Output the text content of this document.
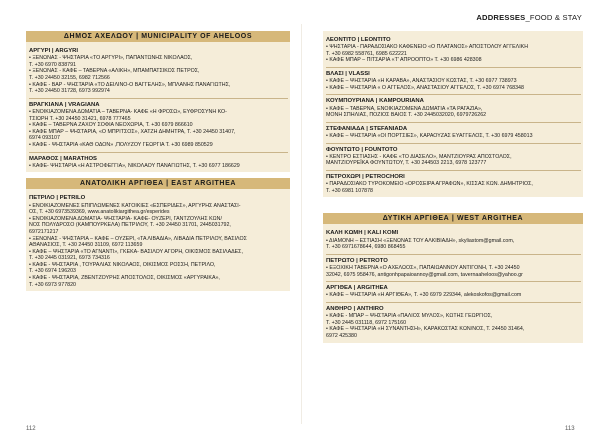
ADDRESSES_FOOD & STAY
ΔΗΜΟΣ ΑΧΕΛΩΟΥ | MUNICIPALITY OF AHELOOS
ΑΡΓΥΡΙ | ARGYRI
• ΞΕΝΩΝΑΣ - ΨΗΣΤΑΡΙΑ «ΤΟ ΑΡΓΥΡΙ», ΠΑΠΑΝΤΩΝΗΣ ΝΙΚΟΛΑΟΣ,
Τ. +30 6970 838791
• ΞΕΝΩΝΑΣ - ΚΑΦΕ – ΤΑΒΕΡΝΑ «ΑΛΙΚΗ», ΜΠΑΜΠΑΤΣΙΚΟΣ ΠΕΤΡΟΣ,
Τ. +30 24450 32155, 6982 712566
• ΚΑΦΕ - ΒΑΡ - ΨΗΣΤΑΡΙΑ «ΤΟ ΔΕΙΛΙΝΟ-Ο ΒΑΓΓΕΛΗΣ», ΜΠΛΑΝΗΣ ΠΑΝΑΓΙΩΤΗΣ,
Τ. +30 24450 31728, 6973 992974
ΒΡΑΓΚΙΑΝΑ | VRAGIANA
• ΕΝΟΙΚΙΑΖΟΜΕΝΑ ΔΩΜΑΤΙΑ – ΤΑΒΕΡΝΑ- ΚΑΦΕ «Η ΦΡΟΣΩ», ΕΥΦΡΟΣΥΝΗ ΚΟ-
ΤΣΙΩΡΗ Τ. +30 24450 31421, 6978 777465
• ΚΑΦΕ – ΤΑΒΕΡΝΑ ΖΑΧΟΥ ΣΟΦΙΑ ΝΕΟΧΩΡΙΑ, Τ. +30 6979 866610
• ΚΑΦΕ ΜΠΑΡ – ΨΗΣΤΑΡΙΑ, «Ο ΜΠΡΙΤΣΟΣ», ΧΑΤΖΗ ΔΗΜΗΤΡΑ, Τ. +30 24450 31407,
6974 093107
• ΚΑΦΕ - ΨΗΣΤΑΡΙΑ «ΚΑΘ ΟΔΟΝ» ,ΠΟΛΥΖΟΥ ΓΕΩΡΓΙΑ Τ. +30 6989 850529
ΜΑΡΑΘΟΣ | MARATHOS
• ΚΑΦΕ- ΨΗΣΤΑΡΙΑ «Η ΑΣΤΡΟΦΕΓΓΙΑ», ΝΙΚΟΛΑΟΥ ΠΑΝΑΓΙΩΤΗΣ, Τ. +30 6977 186629
ΑΝΑΤΟΛΙΚΗ ΑΡΓΙΘΕΑ | EAST ARGITHEA
ΠΕΤΡΙΛΟ | PETRILO
• ΕΝΟΙΚΙΑΖΟΜΕΝΕΣ ΕΠΙΠΛΩΜΕΝΕΣ ΚΑΤΟΙΚΙΕΣ «ΕΣΠΕΡΙΔΕΣ», ΑΡΓΥΡΗΣ ΑΝΑΣΤΑΣΙ-
ΟΣ, Τ. +30 6973539369, www.anatolikiargithea.gr/esperides
• ΕΝΟΙΚΙΑΖΟΜΕΝΑ ΔΩΜΑΤΙΑ- ΨΗΣΤΑΡΙΑ- ΚΑΦΕ- ΟΥΖΕΡΙ, ΓΑΝΤΖΟΥΛΗΣ ΚΩΝ/
ΝΟΣ ΠΟΛΥΔΡΟΣΟ (ΚΑΜΠΟΥΡΚΕΛΑ) ΠΕΤΡΙΛΟΥ, Τ. +30 24450 31701, 2445031792,
6972171217
• ΞΕΝΩΝΑΣ - ΨΗΣΤΑΡΙΑ – ΚΑΦΕ – ΟΥΖΕΡΙ, «ΤΑ ΛΙΒΑΔΙΑ», ΛΙΒΑΔΙΑ ΠΕΤΡΙΛΟΥ, ΒΑΣΙΛΟΣ
ΑΘΑΝΑΣΙΟΣ, Τ. +30 24450 31109, 6972 113659
• ΚΑΦΕ – ΨΗΣΤΑΡΙΑ «ΤΟ ΑΓΝΑΝΤΙ», ΓΚΕΚΑ- ΒΑΣΙΛΟΥ ΑΓΟΡΗ, ΟΙΚΙΣΜΟΣ ΒΑΣΙΛΑΔΕΣ,
Τ. +30 2445 031921, 6973 734316
• ΚΑΦΕ - ΨΗΣΤΑΡΙΑ , ΤΟΥΡΑΛΙΑΣ ΝΙΚΟΛΑΟΣ, ΟΙΚΙΣΜΟΣ ΡΟΣΣΗ, ΠΕΤΡΙΛΟ,
Τ. +30 6974 196203
• ΚΑΦΕ - ΨΗΣΤΑΡΙΑ, ΖΒΕΝΤΖΟΥΡΗΣ ΑΠΟΣΤΟΛΟΣ, ΟΙΚΙΣΜΟΣ «ΑΡΓΥΡΑΙΚΑ»,
Τ. +30 6973 977820
ΛΕΟΝΤΙΤΟ | LEONTITO
• ΨΗΣΤΑΡΙΑ - ΠΑΡΑΔΟΣΙΑΚΟ ΚΑΦΕΝΕΙΟ «Ο ΠΛΑΤΑΝΟΣ» ΑΠΟΣΤΟΛΟΥ ΑΓΓΕΛΙΚΗ
Τ. +30 6982 558761, 6985 622221
• ΚΑΦΕ ΜΠΑΡ – ΠΙΤΣΑΡΙΑ «Τ' ΑΠΡΟΟΠΤΟ» Τ. +30 6986 428308
ΒΛΑΣΙ | VLASSI
• ΚΑΦΕ – ΨΗΣΤΑΡΙΑ «Η ΚΑΡΑΒΑ», ΑΝΑΣΤΑΣΙΟΥ ΚΩΣΤΑΣ, Τ. +30 6977 738973
• ΚΑΦΕ – ΨΗΣΤΑΡΙΑ « Ο ΑΓΓΕΛΟΣ», ΑΝΑΣΤΑΣΙΟΥ ΑΓΓΕΛΟΣ, Τ. +30 6974 768348
ΚΟΥΜΠΟΥΡΙΑΝΑ | KAMPOURIANA
• ΚΑΦΕ – ΤΑΒΕΡΝΑ, ΕΝΟΙΚΙΑΖΟΜΕΝΑ ΔΩΜΑΤΙΑ «ΤΑ ΡΑΓΑΖΙΑ»,
ΜΟΝΗ ΣΠΗΛΙΑΣ, ΠΟΖΙΟΣ ΒΑΙΟΣ Τ. +30 2445032020, 6979726262
ΣΤΕΦΑΝΙΑΔΑ | STEFANIADA
• ΚΑΦΕ – ΨΗΣΤΑΡΙΑ «ΟΙ ΠΟΡΤΣΙΕΣ», ΚΑΡΑΟΥΖΑΣ ΕΥΑΓΓΕΛΟΣ, Τ. +30 6979 458013
ΦΟΥΝΤΩΤΟ | FOUNTOTO
• ΚΕΝΤΡΟ ΕΣΤΙΑΣΗΣ - ΚΑΦΕ «ΤΟ ΔΙΑΣΕΛΟ», ΜΑΝΤΖΙΟΥΡΑΣ ΑΠΟΣΤΟΛΟΣ,
ΜΑΝΤΖΙΟΥΡΕΪΚΑ ΦΟΥΝΤΩΤΟΥ, Τ. +30 244503 2213, 6978 123777
ΠΕΤΡΟΧΩΡΙ | PETROCHORI
• ΠΑΡΑΔΟΣΙΑΚΟ ΤΥΡΟΚΟΜΕΙΟ «ΟΡΟΣΕΙΡΑ ΑΓΡΑΦΩΝ», ΚΙΣΣΑΣ ΚΩΝ. ΔΗΜΗΤΡΙΟΣ,
Τ. +30 6981 107878
ΔΥΤΙΚΗ ΑΡΓΙΘΕΑ | WEST ARGITHEA
ΚΑΛΗ ΚΩΜΗ | KALI KOMI
• ΔΙΑΜΟΝΗ – ΕΣΤΙΑΣΗ «ΞΕΝΩΝΑΣ ΤΟΥ ΑΛΚΙΒΙΑΔΗ», skyliastom@gmail.com,
Τ. +30 6971678644, 6980 868455
ΠΕΤΡΩΤΟ | PETROTO
• ΕΞΟΧΙΚΗ ΤΑΒΕΡΝΑ «Ο ΑΧΕΛΩΟΣ», ΠΑΠΑΙΩΑΝΝΟΥ ΑΝΤΙΓΟΝΗ, Τ. +30 24450
32042, 6975 958476, antigonhpapaioannoy@gmail.com, tavernaaheloos@yahoo.gr
ΑΡΓΙΘΕΑ | ARGITHEA
• ΚΑΦΕ – ΨΗΣΤΑΡΙΑ «Η ΑΡΓΙΘΕΑ», Τ. +30 6979 229344, alekoskofos@gmail.com
ΑΝΘΗΡΟ | ANTHIRO
• ΚΑΦΕ - ΜΠΑΡ – ΨΗΣΤΑΡΙΑ «ΠΑΛΙΟΣ ΜΥΛΟΣ», ΚΩΤΗΣ ΓΕΩΡΓΙΟΣ,
Τ. +30 2445 031118, 6972 175160
• ΚΑΦΕ – ΨΗΣΤΑΡΙΑ «Η ΣΥΝΑΝΤΗΣΗ», ΚΑΡΑΚΩΣΤΑΣ ΚΩΝ/ΝΟΣ, Τ. 24450 31464,
6972 425380
112	113
